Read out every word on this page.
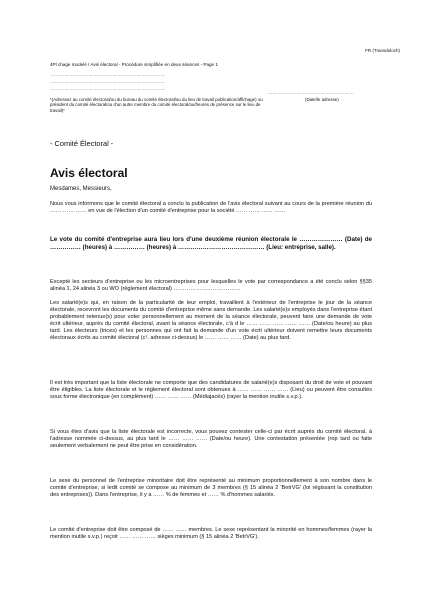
FR (Transdoloch)
4Pl chage modelé / Avis électoral - Procédure simplifiée en deux séances - Page 1
………………………………………………………………
………………………………………………………………
………………………………………………………………
………………………………………………
*(Adressez au comité électoral/ou du bureau du comité électoral/ou du lieu de travail publication/affichage) ou président du comité électoral/ou d'un autre membre du comité électoral/ou/heures de présence sur le lieu de travail)*
(Date/le adresse)
- Comité Électoral -
Avis électoral
Mesdames, Messieurs,
Nous vous informons que le comité électoral a conclu la publication de l'avis électoral suivant au cours de la première réunion du …… …… …… en vue de l'élection d'un comité d'entreprise pour la société …… …… …… ……
Le vote du comité d'entreprise aura lieu lors d'une deuxième réunion électorale le ………………… (Date) de …………… (heures) à …………… (heures) à …………………………………… (Lieu: entreprise, salle).
Excepté les secteurs d'entreprise ou les microentreprises pour lesquelles le vote par correspondance a été conclu selon §§35 alinéa 1, 24 alinéa 3 ou WO (règlement électoral) ………………………………
Les salarié(e)s qui, en raison de la particularité de leur emploi, travaillent à l'extérieur de l'entreprise le jour de la séance électorale, recevront les documents du comité d'entreprise même sans demande. Les salarié(e)s employés dans l'entreprise étant probablement retenue(s) pour voter personnellement au moment de la séance électorale, peuvent faire une demande de vote écrit ultérieur, auprès du comité électoral, avant la séance électorale, c'à d le …… …… …… …… …… (Date/ou heure) au plus tard. Les électeurs (trices) et les personnes qui ont fait la demande d'un vote écrit ultérieur doivent remettre leurs documents électoraux écrits au comité électoral (c¹. adresse ci-dessus) le …… …… …… (Date) au plus tard.
Il est très important que la liste électorale ne comporte que des candidatures de salarié(e)s disposant du droit de vote et pouvant être éligibles. La liste électorale et le règlement électoral sont obtenues à …… …… …… …… (Lieu) ou peuvent être consultés sous forme électronique (en complément) …… …… …… (Médiajacés) (rayer la mention inutile s.v.p.).
Si vous êtes d'avis que la liste électorale est incorrecte, vous pouvez contester celle-ci par écrit auprès du comité électoral, à l'adresse nommée ci-dessus, au plus tard le …… …… …… (Date/ou heure). Une contestation présentée (rop tard ou faite seulement verbalement ne peut être prise en considération.
Le sexe du personnel de l'entreprise minoritaire doit être représenté au minimum proportionnellement à son nombre dans le comité d'entreprise, si ledit comité se compose au minimum de 3 membres (§ 15 alinéa 2 'BetrVG' (loi régissant la constitution des entreprises)). Dans l'entreprise, il y a …… % de femmes et …… % d'hommes salariés.
Le comité d'entreprise doit être composé de …… …… membres. Le sexe représentant la minorité en hommes/femmes (rayer la mention inutile s.v.p.) reçoit …… …… …… sièges minimum (§ 15 alinéa 2 'BetrVG').
